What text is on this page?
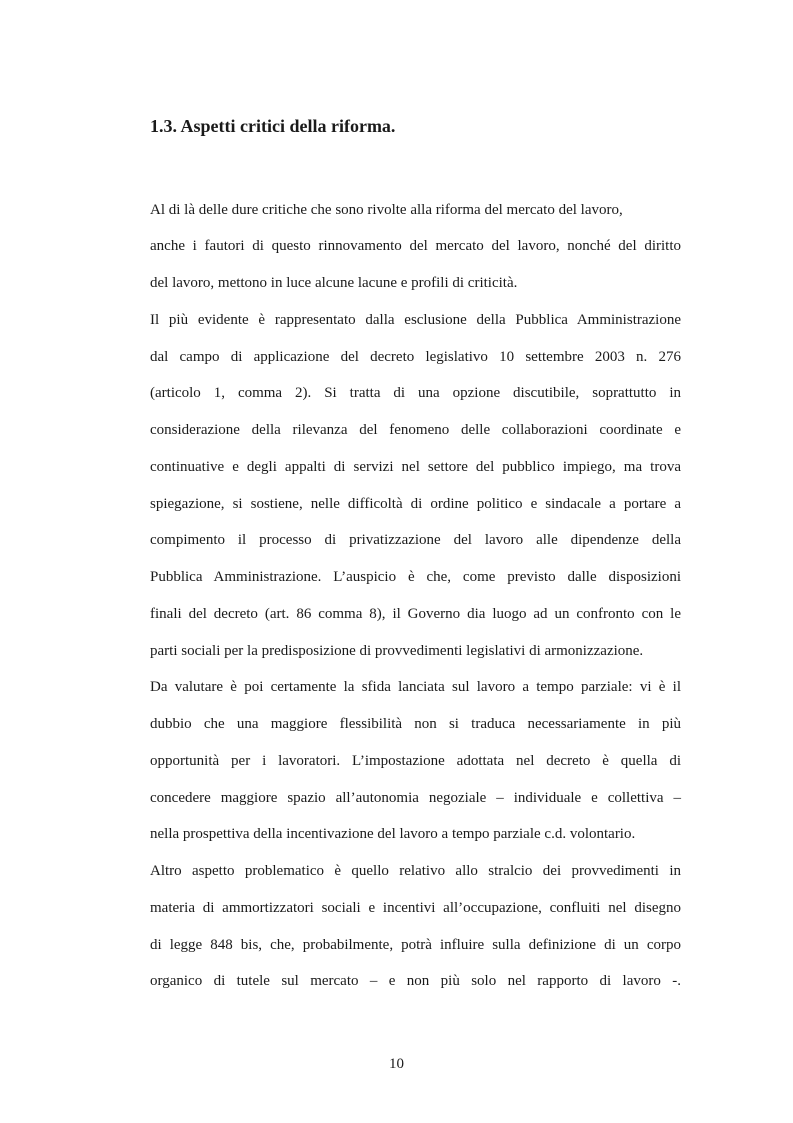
1.3. Aspetti critici della riforma.
Al di là delle dure critiche che sono rivolte alla riforma del mercato del lavoro,
anche i fautori di questo rinnovamento del mercato del lavoro, nonché del diritto
del lavoro, mettono in luce alcune lacune e profili di criticità.
Il più evidente è rappresentato dalla esclusione della Pubblica Amministrazione
dal campo di applicazione del decreto legislativo 10 settembre 2003 n. 276
(articolo 1, comma 2). Si tratta di una opzione discutibile, soprattutto in
considerazione della rilevanza del fenomeno delle collaborazioni coordinate e
continuative e degli appalti di servizi nel settore del pubblico impiego, ma trova
spiegazione, si sostiene, nelle difficoltà di ordine politico e sindacale a portare a
compimento il processo di privatizzazione del lavoro alle dipendenze della
Pubblica Amministrazione. L’auspicio è che, come previsto dalle disposizioni
finali del decreto (art. 86 comma 8), il Governo dia luogo ad un confronto con le
parti sociali per la predisposizione di provvedimenti legislativi di armonizzazione.
Da valutare è poi certamente la sfida lanciata sul lavoro a tempo parziale: vi è il
dubbio che una maggiore flessibilità non si traduca necessariamente in più
opportunità per i lavoratori. L’impostazione adottata nel decreto è quella di
concedere maggiore spazio all’autonomia negoziale – individuale e collettiva –
nella prospettiva della incentivazione del lavoro a tempo parziale c.d. volontario.
Altro aspetto problematico è quello relativo allo stralcio dei provvedimenti in
materia di ammortizzatori sociali e incentivi all’occupazione, confluiti nel disegno
di legge 848 bis, che, probabilmente, potrà influire sulla definizione di un corpo
organico di tutele sul mercato – e non più solo nel rapporto di lavoro -.
10
